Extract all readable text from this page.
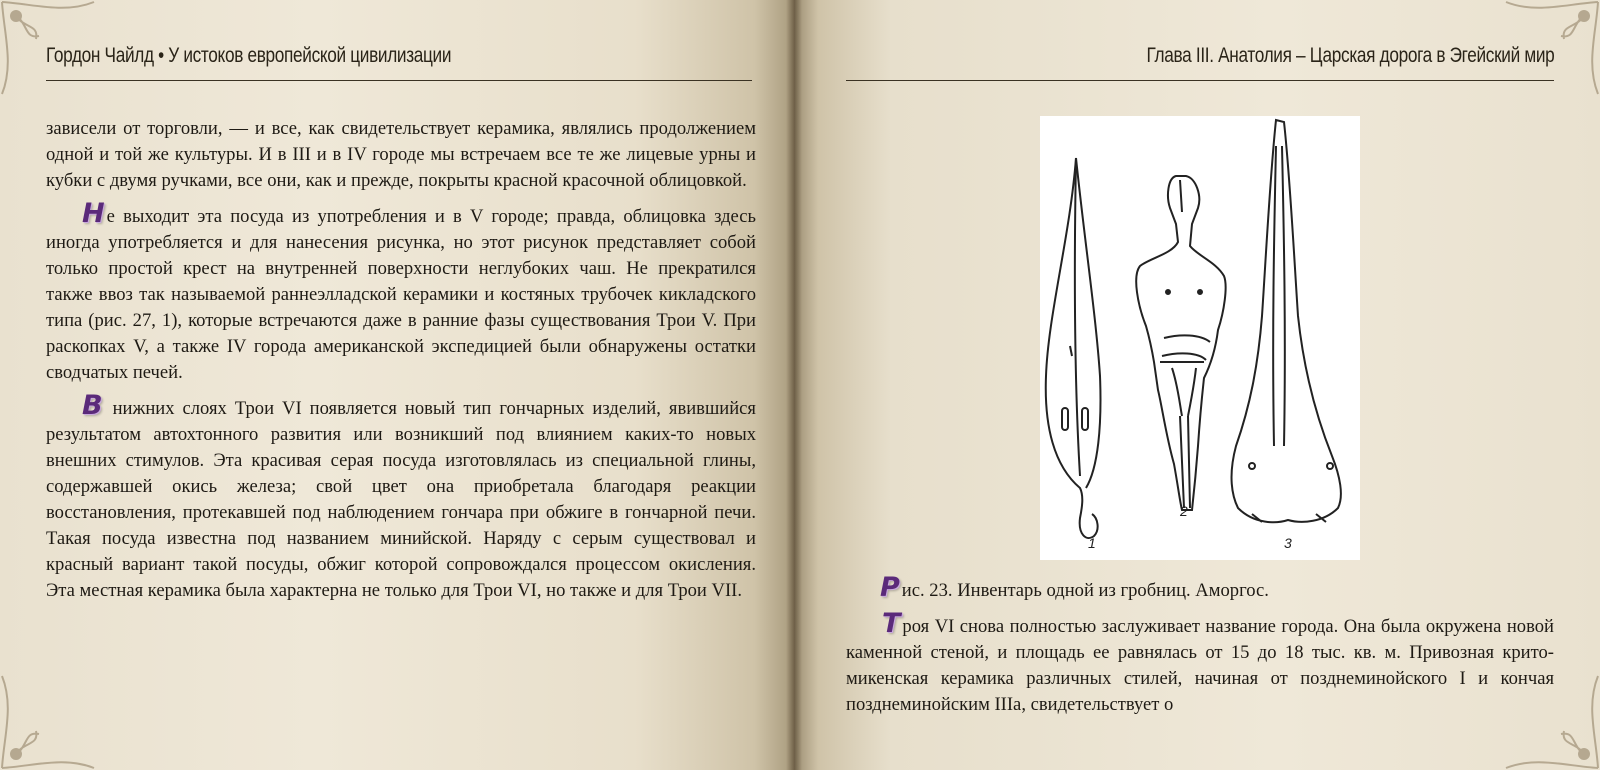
Гордон Чайлд • У истоков европейской цивилизации

зависели от торговли, — и все, как свидетельствует керамика, являлись продолжением одной и той же культуры. И в III и в IV городе мы встречаем все те же лицевые урны и кубки с двумя ручками, все они, как и прежде, покрыты красной красочной облицовкой.

Н е выходит эта посуда из употребления и в V городе; правда, облицовка здесь иногда употребляется и для нанесения рисунка, но этот рисунок представляет собой только простой крест на внутренней поверхности неглубоких чаш. Не прекратился также ввоз так называемой раннеэлладской керамики и костяных трубочек кикладского типа (рис. 27, 1), которые встречаются даже в ранние фазы существования Трои V. При раскопках V, а также IV города американской экспедицией были обнаружены остатки сводчатых печей.

В нижних слоях Трои VI появляется новый тип гончарных изделий, явившийся результатом автохтонного развития или возникший под влиянием каких-то новых внешних стимулов. Эта красивая серая посуда изготовлялась из специальной глины, содержавшей окись железа; свой цвет она приобретала благодаря реакции восстановления, протекавшей под наблюдением гончара при обжиге в гончарной печи. Такая посуда известна под названием минийской. Наряду с серым существовал и красный вариант такой посуды, обжиг которой сопровождался процессом окисления. Эта местная керамика была характерна не только для Трои VI, но также и для Трои VII.

Глава III. Анатолия – Царская дорога в Эгейский мир
1
2
3
Р ис. 23. Инвентарь одной из гробниц. Аморгос.

Т роя VI снова полностью заслуживает название города. Она была окружена новой каменной стеной, и площадь ее равнялась от 15 до 18 тыс. кв. м. Привозная крито-микенская керамика различных стилей, начиная от позднеминойского I и кончая позднеминойским IIIa, свидетельствует о
